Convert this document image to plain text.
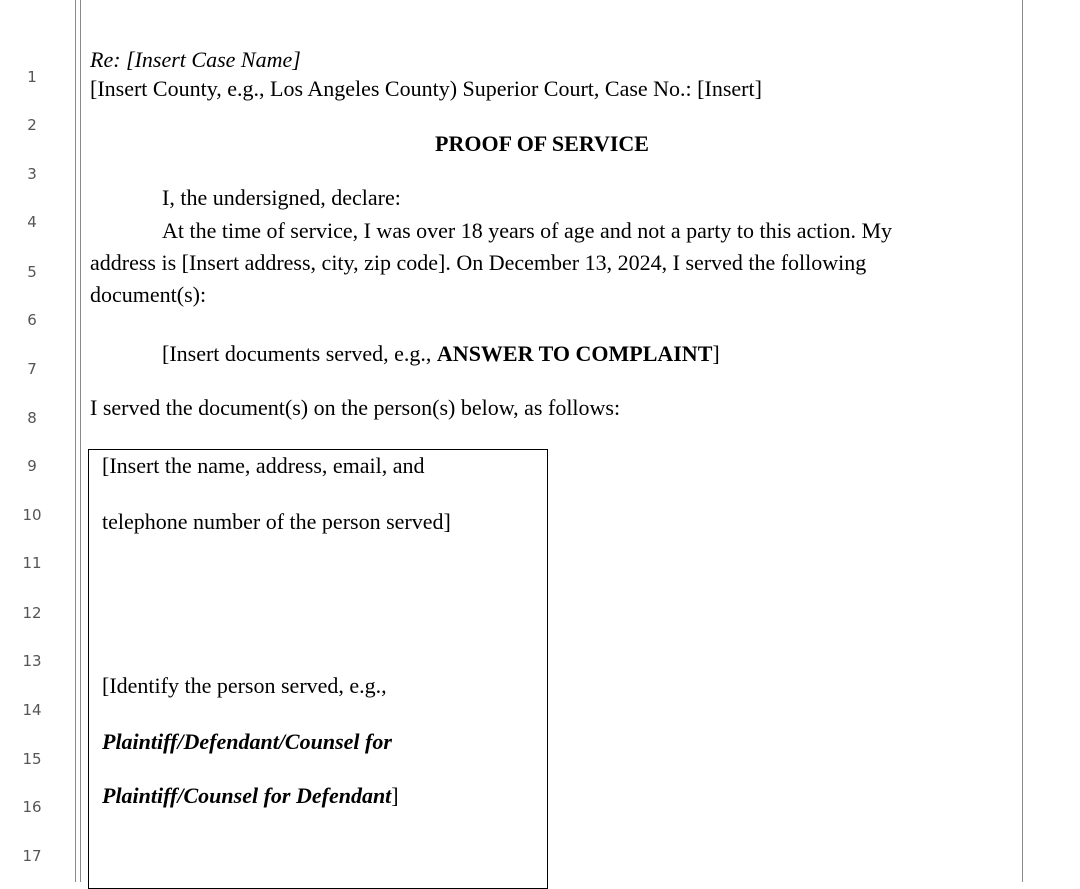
1
2
3
4
5
6
7
8
9
10
11
12
13
14
15
16
17
Re: [Insert Case Name]
[Insert County, e.g., Los Angeles County) Superior Court, Case No.: [Insert]
PROOF OF SERVICE
I, the undersigned, declare:
At the time of service, I was over 18 years of age and not a party to this action. My
address is [Insert address, city, zip code]. On December 13, 2024, I served the following
document(s):
[Insert documents served, e.g., ANSWER TO COMPLAINT]
I served the document(s) on the person(s) below, as follows:
[Insert the name, address, email, and
telephone number of the person served]
[Identify the person served, e.g.,
Plaintiff/Defendant/Counsel for
Plaintiff/Counsel for Defendant]
